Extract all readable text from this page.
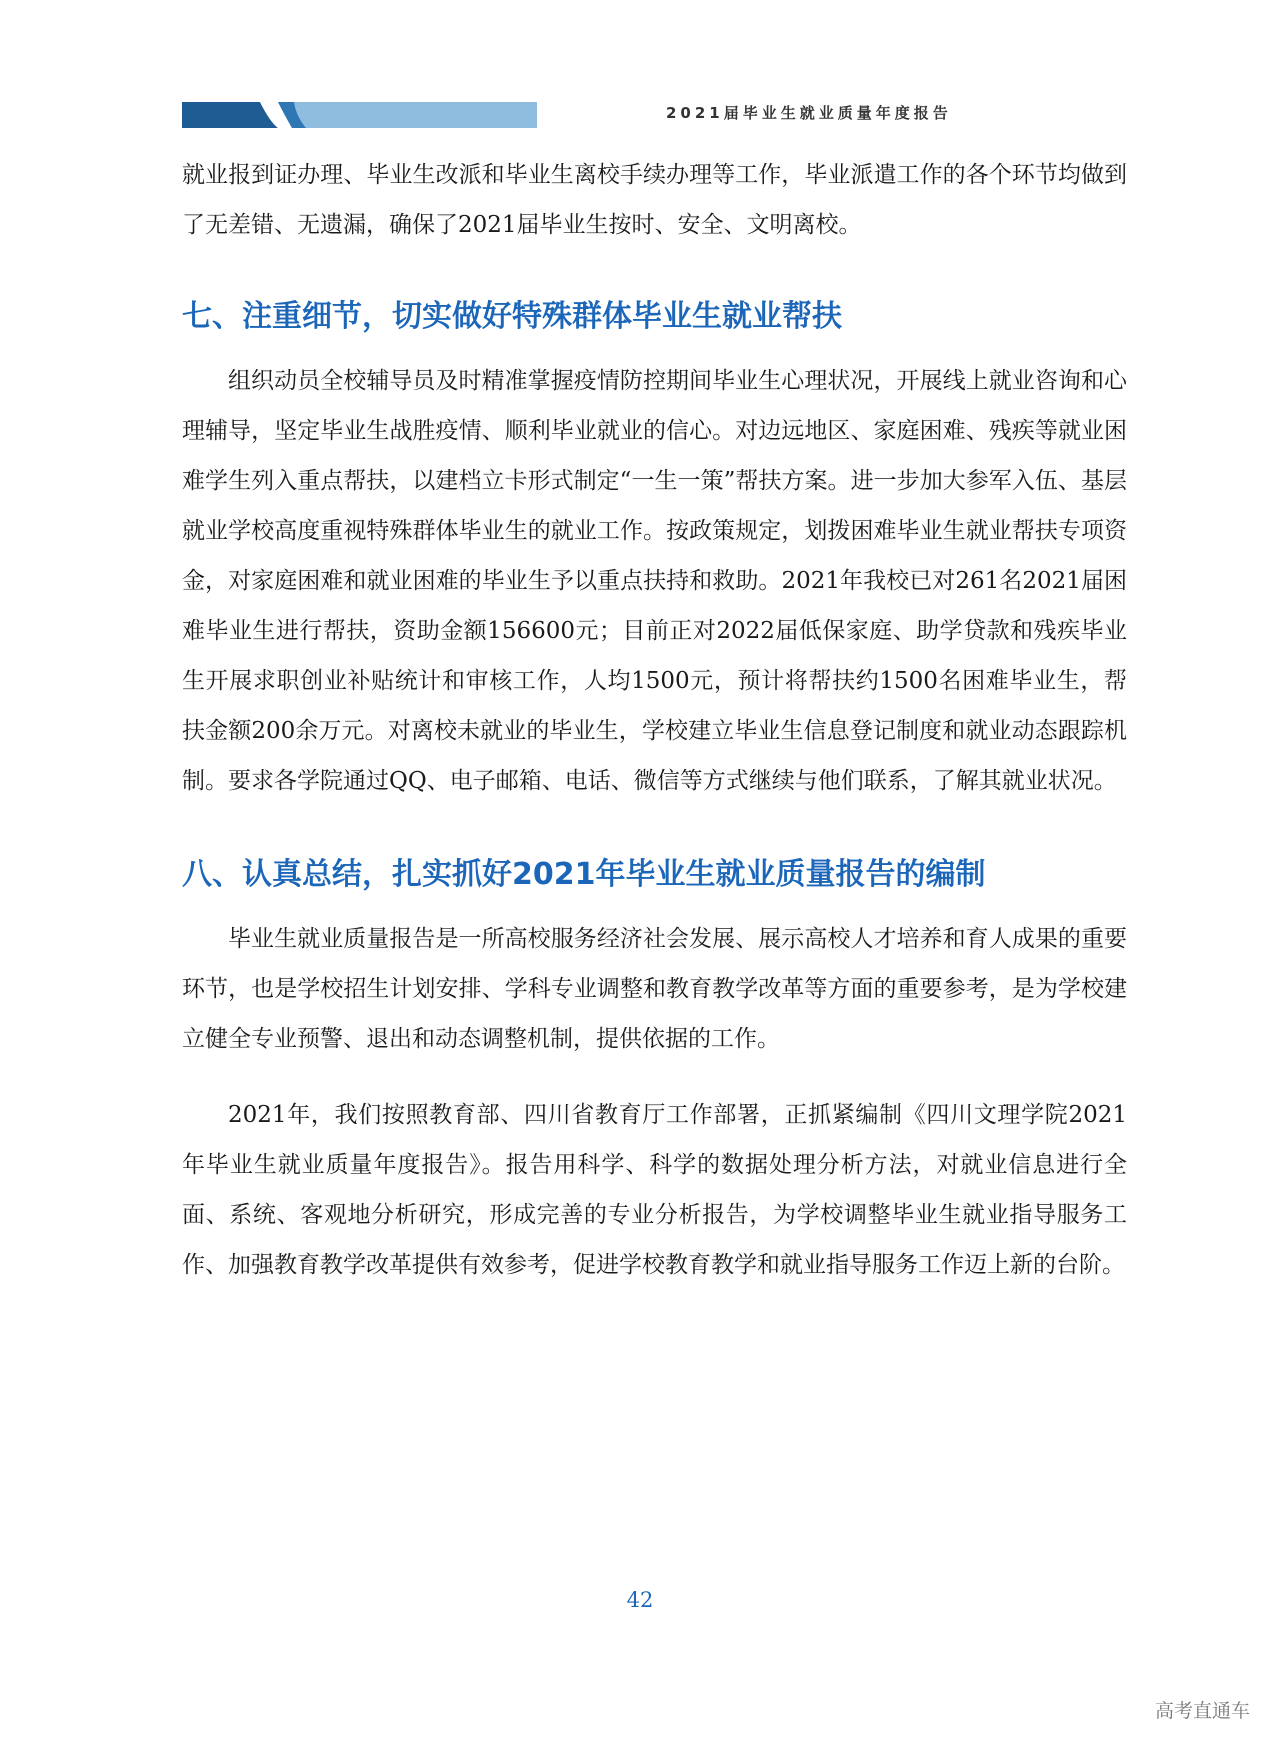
2021届毕业生就业质量年度报告

就业报到证办理、毕业生改派和毕业生离校手续办理等工作，毕业派遣工作的各个环节均做到了无差错、无遗漏，确保了2021届毕业生按时、安全、文明离校。

七、注重细节，切实做好特殊群体毕业生就业帮扶

组织动员全校辅导员及时精准掌握疫情防控期间毕业生心理状况，开展线上就业咨询和心理辅导，坚定毕业生战胜疫情、顺利毕业就业的信心。对边远地区、家庭困难、残疾等就业困难学生列入重点帮扶，以建档立卡形式制定“一生一策”帮扶方案。进一步加大参军入伍、基层就业学校高度重视特殊群体毕业生的就业工作。按政策规定，划拨困难毕业生就业帮扶专项资金，对家庭困难和就业困难的毕业生予以重点扶持和救助。2021年我校已对261名2021届困难毕业生进行帮扶，资助金额156600元；目前正对2022届低保家庭、助学贷款和残疾毕业生开展求职创业补贴统计和审核工作，人均1500元，预计将帮扶约1500名困难毕业生，帮扶金额200余万元。对离校未就业的毕业生，学校建立毕业生信息登记制度和就业动态跟踪机制。要求各学院通过QQ、电子邮箱、电话、微信等方式继续与他们联系，了解其就业状况。

八、认真总结，扎实抓好2021年毕业生就业质量报告的编制

毕业生就业质量报告是一所高校服务经济社会发展、展示高校人才培养和育人成果的重要环节，也是学校招生计划安排、学科专业调整和教育教学改革等方面的重要参考，是为学校建立健全专业预警、退出和动态调整机制，提供依据的工作。

2021年，我们按照教育部、四川省教育厅工作部署，正抓紧编制《四川文理学院2021年毕业生就业质量年度报告》。报告用科学、科学的数据处理分析方法，对就业信息进行全面、系统、客观地分析研究，形成完善的专业分析报告，为学校调整毕业生就业指导服务工作、加强教育教学改革提供有效参考，促进学校教育教学和就业指导服务工作迈上新的台阶。

42
高考直通车
